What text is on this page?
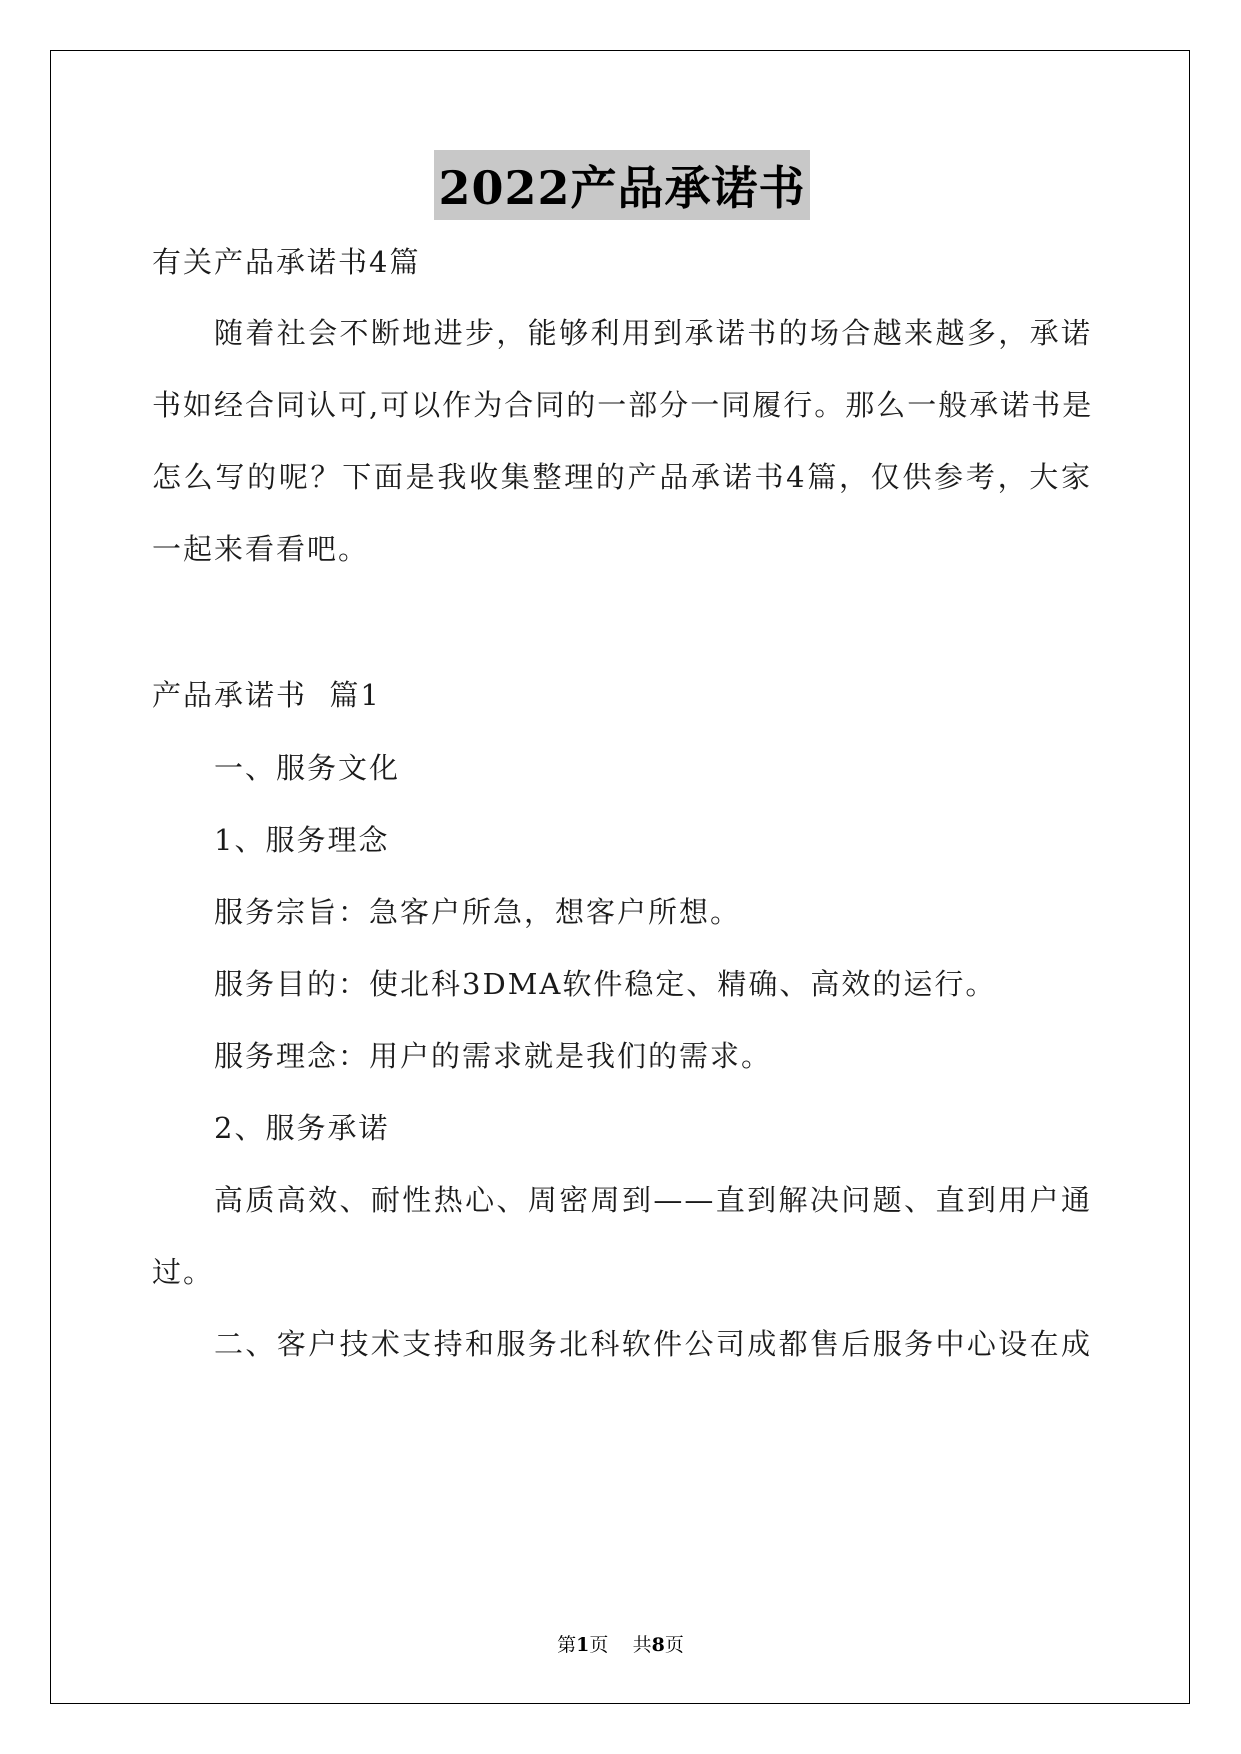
2022产品承诺书
有关产品承诺书4篇
随着社会不断地进步，能够利用到承诺书的场合越来越多，承诺
书如经合同认可,可以作为合同的一部分一同履行。那么一般承诺书是
怎么写的呢？下面是我收集整理的产品承诺书4篇，仅供参考，大家
一起来看看吧。
产品承诺书  篇1
一、服务文化
1、服务理念
服务宗旨：急客户所急，想客户所想。
服务目的：使北科3DMA软件稳定、精确、高效的运行。
服务理念：用户的需求就是我们的需求。
2、服务承诺
高质高效、耐性热心、周密周到——直到解决问题、直到用户通
过。
二、客户技术支持和服务北科软件公司成都售后服务中心设在成
第1页 共8页
